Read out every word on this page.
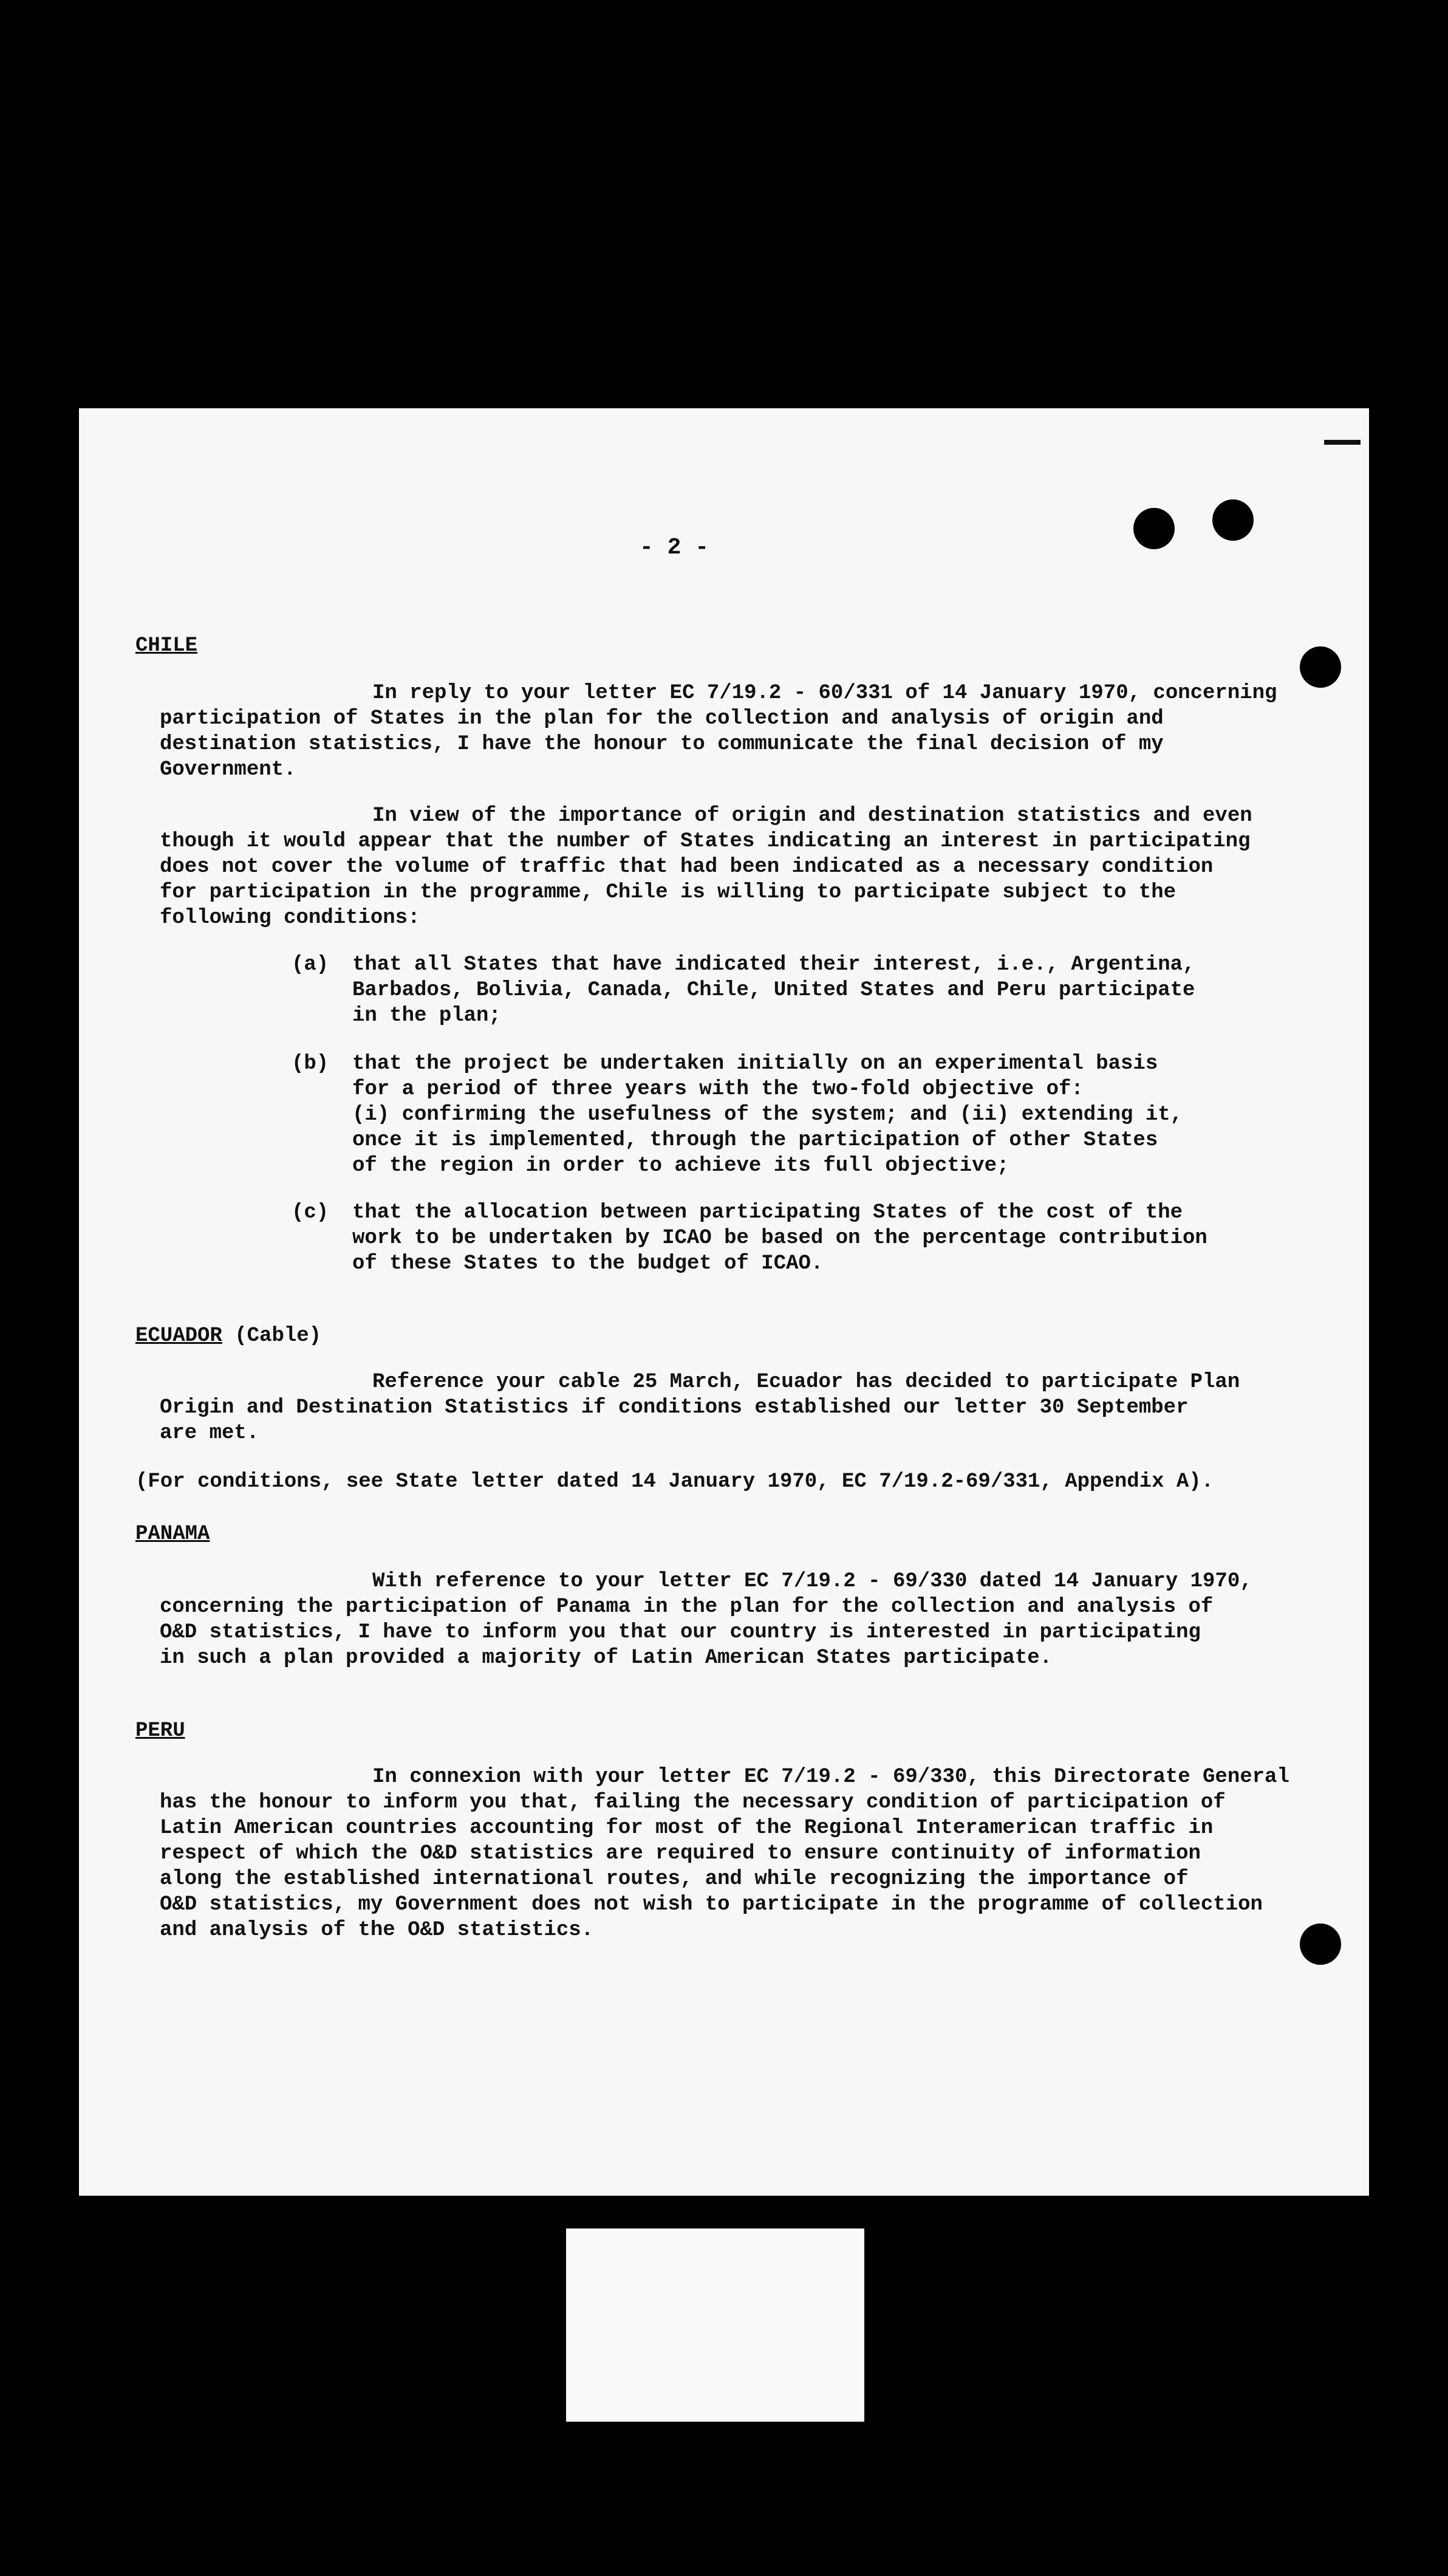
- 2 -
CHILE

In reply to your letter EC 7/19.2 - 60/331 of 14 January 1970, concerning
participation of States in the plan for the collection and analysis of origin and
destination statistics, I have the honour to communicate the final decision of my
Government.

In view of the importance of origin and destination statistics and even
though it would appear that the number of States indicating an interest in participating
does not cover the volume of traffic that had been indicated as a necessary condition
for participation in the programme, Chile is willing to participate subject to the
following conditions:

(a) that all States that have indicated their interest, i.e., Argentina,
Barbados, Bolivia, Canada, Chile, United States and Peru participate
in the plan;

(b) that the project be undertaken initially on an experimental basis
for a period of three years with the two-fold objective of:
(i) confirming the usefulness of the system; and (ii) extending it,
once it is implemented, through the participation of other States
of the region in order to achieve its full objective;

(c) that the allocation between participating States of the cost of the
work to be undertaken by ICAO be based on the percentage contribution
of these States to the budget of ICAO.

ECUADOR (Cable)

Reference your cable 25 March, Ecuador has decided to participate Plan
Origin and Destination Statistics if conditions established our letter 30 September
are met.

(For conditions, see State letter dated 14 January 1970, EC 7/19.2-69/331, Appendix A).

PANAMA

With reference to your letter EC 7/19.2 - 69/330 dated 14 January 1970,
concerning the participation of Panama in the plan for the collection and analysis of
O&D statistics, I have to inform you that our country is interested in participating
in such a plan provided a majority of Latin American States participate.

PERU

In connexion with your letter EC 7/19.2 - 69/330, this Directorate General
has the honour to inform you that, failing the necessary condition of participation of
Latin American countries accounting for most of the Regional Interamerican traffic in
respect of which the O&D statistics are required to ensure continuity of information
along the established international routes, and while recognizing the importance of
O&D statistics, my Government does not wish to participate in the programme of collection
and analysis of the O&D statistics.
